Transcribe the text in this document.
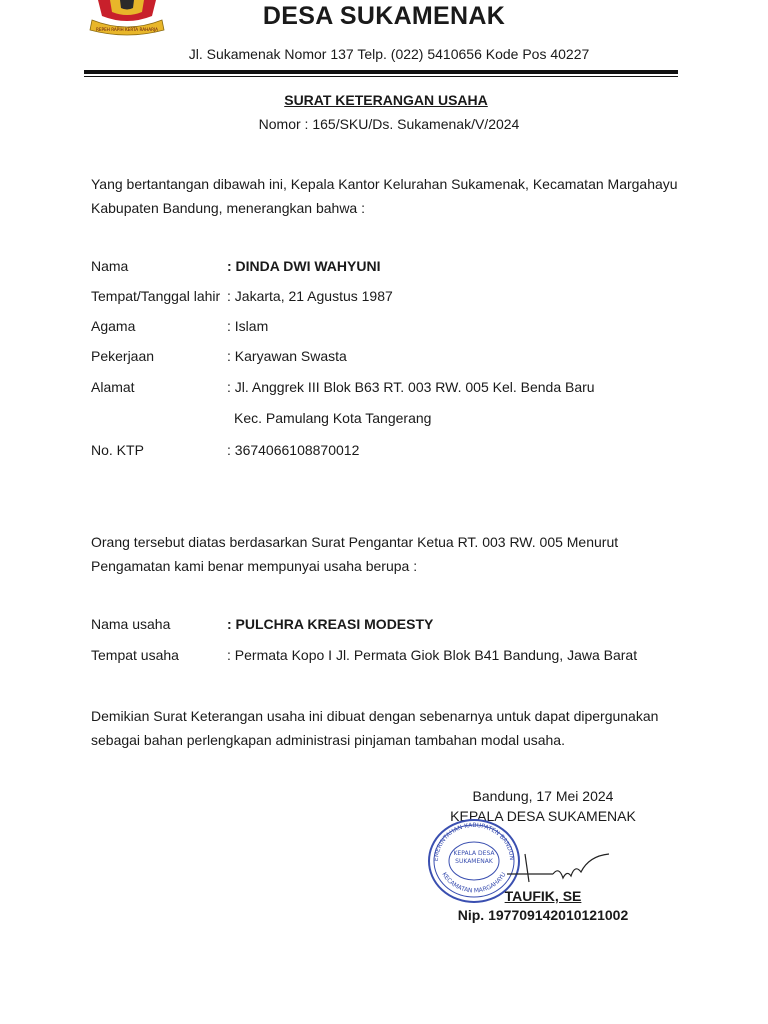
REPEH RAPIH KERTA RAHARJA	DESA SUKAMENAK
Jl. Sukamenak Nomor 137 Telp. (022) 5410656 Kode Pos 40227
SURAT KETERANGAN USAHA
Nomor : 165/SKU/Ds. Sukamenak/V/2024
Yang bertantangan dibawah ini, Kepala Kantor Kelurahan Sukamenak, Kecamatan Margahayu Kabupaten Bandung, menerangkan bahwa :
Nama	: DINDA DWI WAHYUNI
Tempat/Tanggal lahir : Jakarta, 21 Agustus 1987
Agama	: Islam
Pekerjaan	: Karyawan Swasta
Alamat	: Jl. Anggrek III Blok B63 RT. 003 RW. 005 Kel. Benda Baru
Kec. Pamulang Kota Tangerang
No. KTP	: 3674066108870012
Orang tersebut diatas berdasarkan Surat Pengantar Ketua RT. 003 RW. 005 Menurut Pengamatan kami benar mempunyai usaha berupa :
Nama usaha	: PULCHRA KREASI MODESTY
Tempat usaha	: Permata Kopo I Jl. Permata Giok Blok B41 Bandung, Jawa Barat
Demikian Surat Keterangan usaha ini dibuat dengan sebenarnya untuk dapat dipergunakan sebagai bahan perlengkapan administrasi pinjaman tambahan modal usaha.
Bandung, 17 Mei 2024
KEPALA DESA SUKAMENAK
EMERINTAHAN KABUPATEN BANDUN
KECAMATAN MARGAHAYU
KEPALA DESA SUKAMENAK
TAUFIK, SE
Nip. 197709142010121002
